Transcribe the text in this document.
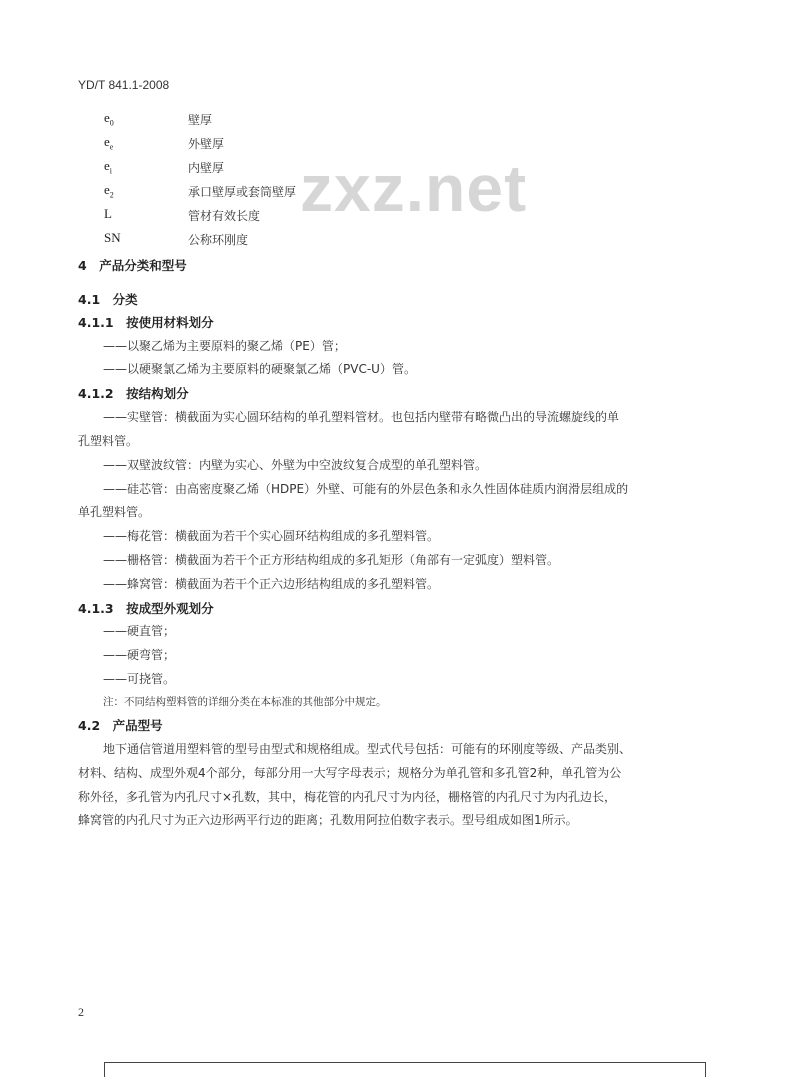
YD/T 841.1-2008
zxz.net
$e_0$	壁厚
$e_e$	外壁厚
$e_i$	内壁厚
$e_2$	承口壁厚或套筒壁厚
L	管材有效长度
SN	公称环刚度
4　产品分类和型号
4.1　分类
4.1.1　按使用材料划分
——以聚乙烯为主要原料的聚乙烯（PE）管；
——以硬聚氯乙烯为主要原料的硬聚氯乙烯（PVC-U）管。
4.1.2　按结构划分
——实壁管：横截面为实心圆环结构的单孔塑料管材。也包括内壁带有略微凸出的导流螺旋线的单
孔塑料管。
——双壁波纹管：内壁为实心、外壁为中空波纹复合成型的单孔塑料管。
——硅芯管：由高密度聚乙烯（HDPE）外壁、可能有的外层色条和永久性固体硅质内润滑层组成的
单孔塑料管。
——梅花管：横截面为若干个实心圆环结构组成的多孔塑料管。
——栅格管：横截面为若干个正方形结构组成的多孔矩形（角部有一定弧度）塑料管。
——蜂窝管：横截面为若干个正六边形结构组成的多孔塑料管。
4.1.3　按成型外观划分
——硬直管；
——硬弯管；
——可挠管。
注：不同结构塑料管的详细分类在本标准的其他部分中规定。
4.2　产品型号
地下通信管道用塑料管的型号由型式和规格组成。型式代号包括：可能有的环刚度等级、产品类别、
材料、结构、成型外观4个部分，每部分用一大写字母表示；规格分为单孔管和多孔管2种，单孔管为公
称外径，多孔管为内孔尺寸×孔数，其中，梅花管的内孔尺寸为内径，栅格管的内孔尺寸为内孔边长，
蜂窝管的内孔尺寸为正六边形两平行边的距离；孔数用阿拉伯数字表示。型号组成如图1所示。
2
